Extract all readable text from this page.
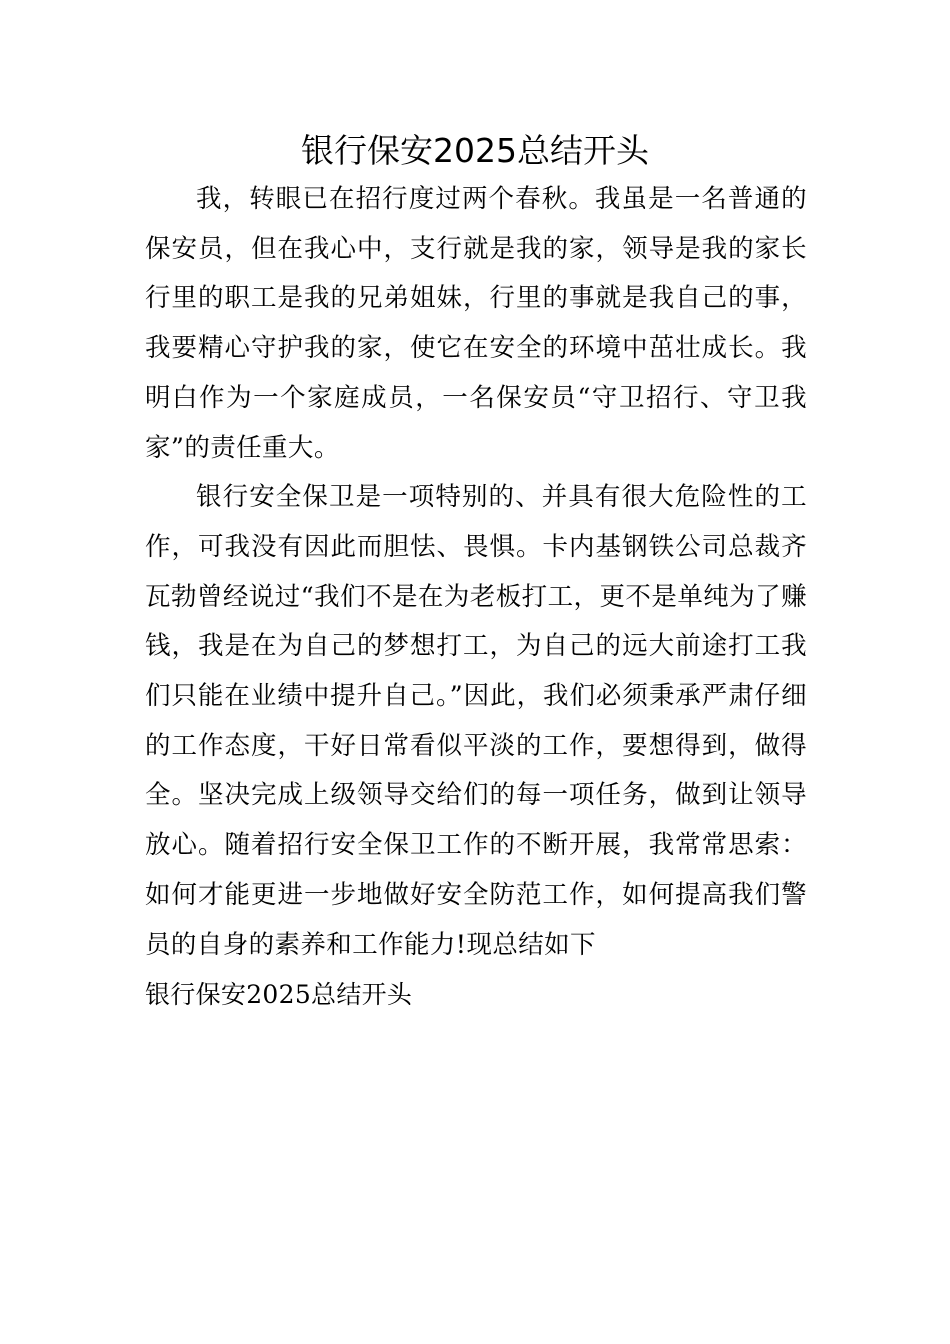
银行保安2025总结开头

我，转眼已在招行度过两个春秋。我虽是一名普通的保安员，但在我心中，支行就是我的家，领导是我的家长行里的职工是我的兄弟姐妹，行里的事就是我自己的事，我要精心守护我的家，使它在安全的环境中茁壮成长。我明白作为一个家庭成员，一名保安员“守卫招行、守卫我家”的责任重大。

银行安全保卫是一项特别的、并具有很大危险性的工作，可我没有因此而胆怯、畏惧。卡内基钢铁公司总裁齐瓦勃曾经说过“我们不是在为老板打工，更不是单纯为了赚钱，我是在为自己的梦想打工，为自己的远大前途打工我们只能在业绩中提升自己。”因此，我们必须秉承严肃仔细的工作态度，干好日常看似平淡的工作，要想得到，做得全。坚决完成上级领导交给们的每一项任务，做到让领导放心。随着招行安全保卫工作的不断开展，我常常思索：如何才能更进一步地做好安全防范工作，如何提高我们警员的自身的素养和工作能力!现总结如下

银行保安2025总结开头
